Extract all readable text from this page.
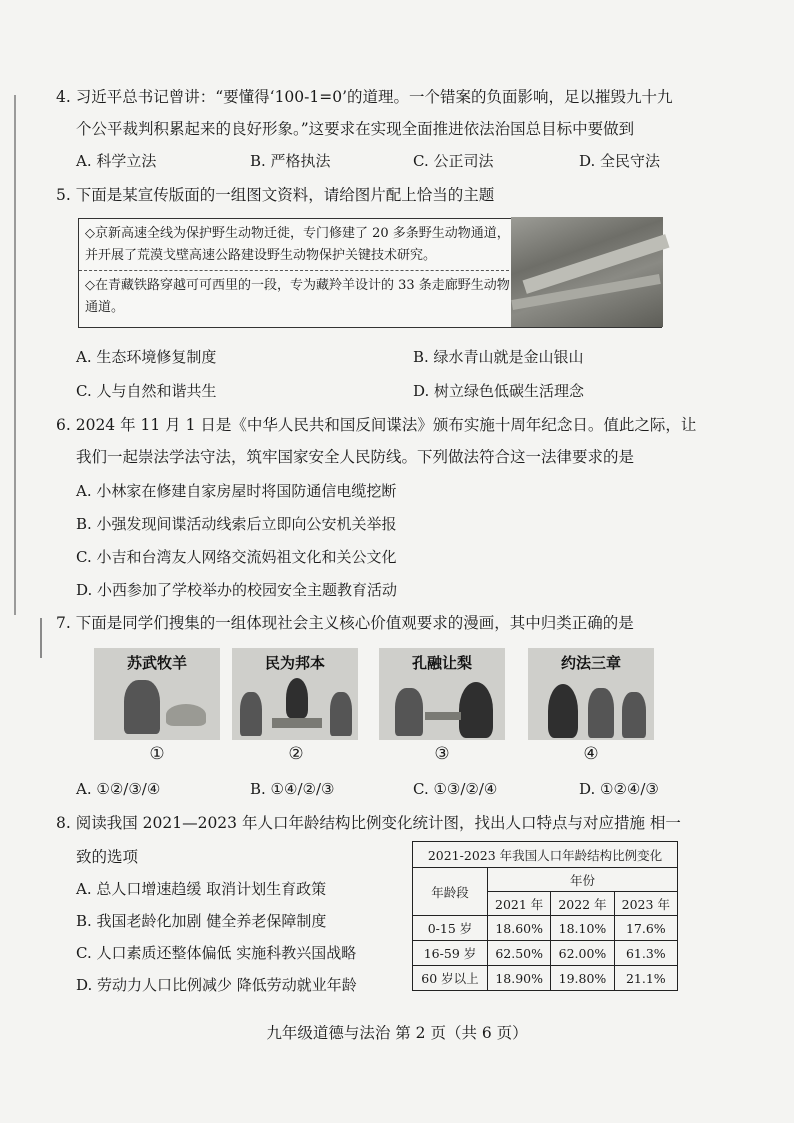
4. 习近平总书记曾讲：“要懂得‘100-1=0’的道理。一个错案的负面影响，足以摧毁九十九
个公平裁判积累起来的良好形象。”这要求在实现全面推进依法治国总目标中要做到
A. 科学立法	B. 严格执法	C. 公正司法	D. 全民守法
5. 下面是某宣传版面的一组图文资料，请给图片配上恰当的主题
◇京新高速全线为保护野生动物迁徙，专门修建了 20 多条野生动物通道，并开展了荒漠戈壁高速公路建设野生动物保护关键技术研究。
◇在青藏铁路穿越可可西里的一段，专为藏羚羊设计的 33 条走廊野生动物通道。
A. 生态环境修复制度	B. 绿水青山就是金山银山
C. 人与自然和谐共生	D. 树立绿色低碳生活理念
6. 2024 年 11 月 1 日是《中华人民共和国反间谍法》颁布实施十周年纪念日。值此之际，让
我们一起崇法学法守法，筑牢国家安全人民防线。下列做法符合这一法律要求的是
A. 小林家在修建自家房屋时将国防通信电缆挖断
B. 小强发现间谍活动线索后立即向公安机关举报
C. 小吉和台湾友人网络交流妈祖文化和关公文化
D. 小西参加了学校举办的校园安全主题教育活动
7. 下面是同学们搜集的一组体现社会主义核心价值观要求的漫画，其中归类正确的是
苏武牧羊	民为邦本	孔融让梨	约法三章
①	②	③	④
A. ①②/③/④	B. ①④/②/③	C. ①③/②/④	D. ①②④/③
8. 阅读我国 2021—2023 年人口年龄结构比例变化统计图，找出人口特点与对应措施 相一
致的选项
A. 总人口增速趋缓 取消计划生育政策
B. 我国老龄化加剧 健全养老保障制度
C. 人口素质还整体偏低 实施科教兴国战略
D. 劳动力人口比例减少 降低劳动就业年龄
2021-2023 年我国人口年龄结构比例变化			
年龄段	年份		
	2021 年	2022 年	2023 年
0-15 岁	18.60%	18.10%	17.6%
16-59 岁	62.50%	62.00%	61.3%
60 岁以上	18.90%	19.80%	21.1%
九年级道德与法治 第 2 页（共 6 页）
